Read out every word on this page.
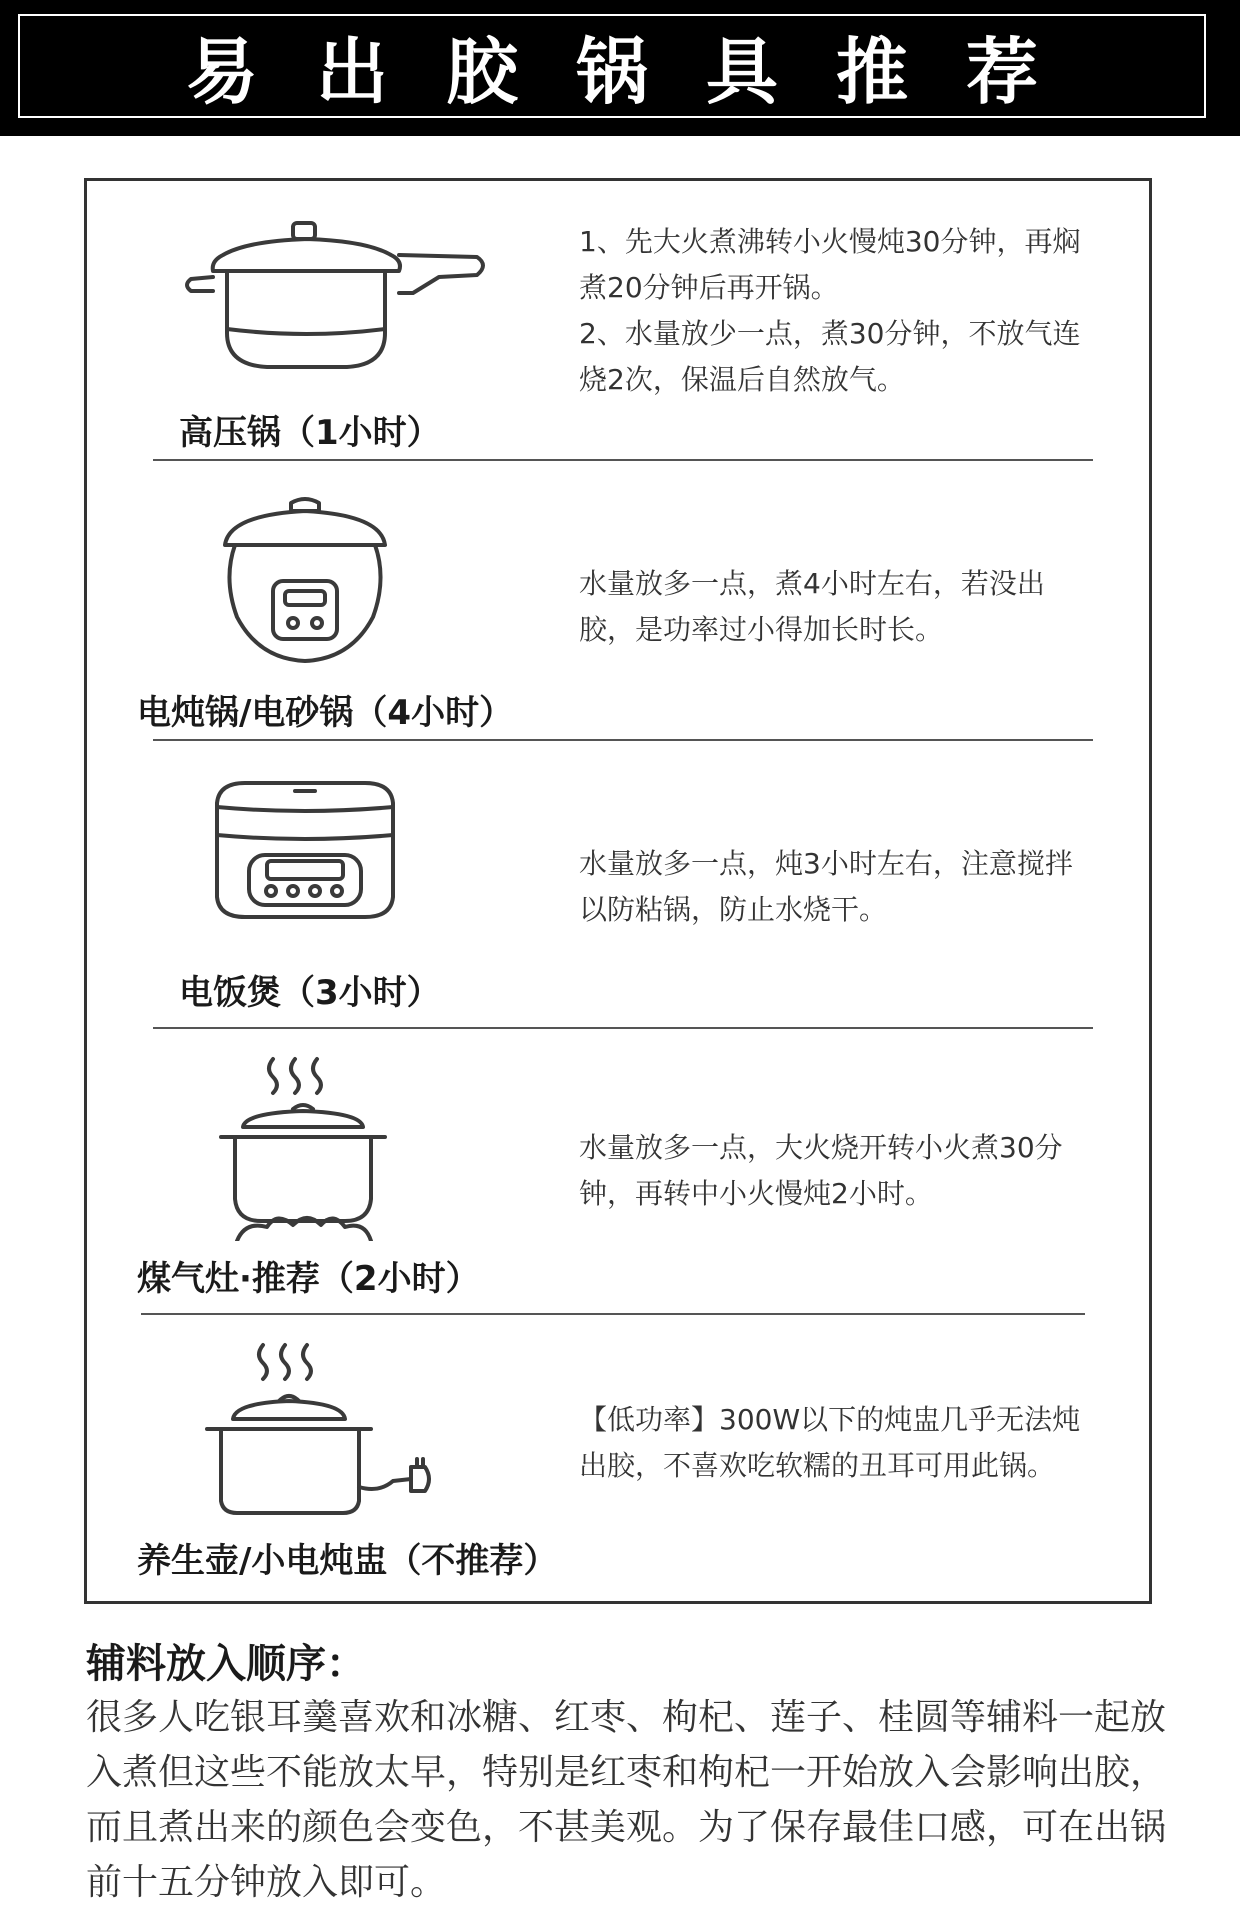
易出胶锅具推荐
高压锅（1小时）

1、先大火煮沸转小火慢炖30分钟，再焖煮20分钟后再开锅。

2、水量放少一点，煮30分钟，不放气连烧2次，保温后自然放气。

电炖锅/电砂锅（4小时）

水量放多一点，煮4小时左右，若没出胶，是功率过小得加长时长。

电饭煲（3小时）

水量放多一点，炖3小时左右，注意搅拌以防粘锅，防止水烧干。

煤气灶·推荐（2小时）

水量放多一点，大火烧开转小火煮30分钟，再转中小火慢炖2小时。

养生壶/小电炖盅（不推荐）

【低功率】300W以下的炖盅几乎无法炖出胶，不喜欢吃软糯的丑耳可用此锅。

辅料放入顺序：
很多人吃银耳羹喜欢和冰糖、红枣、枸杞、莲子、桂圆等辅料一起放入煮但这些不能放太早，特别是红枣和枸杞一开始放入会影响出胶，而且煮出来的颜色会变色，不甚美观。为了保存最佳口感，可在出锅前十五分钟放入即可。
